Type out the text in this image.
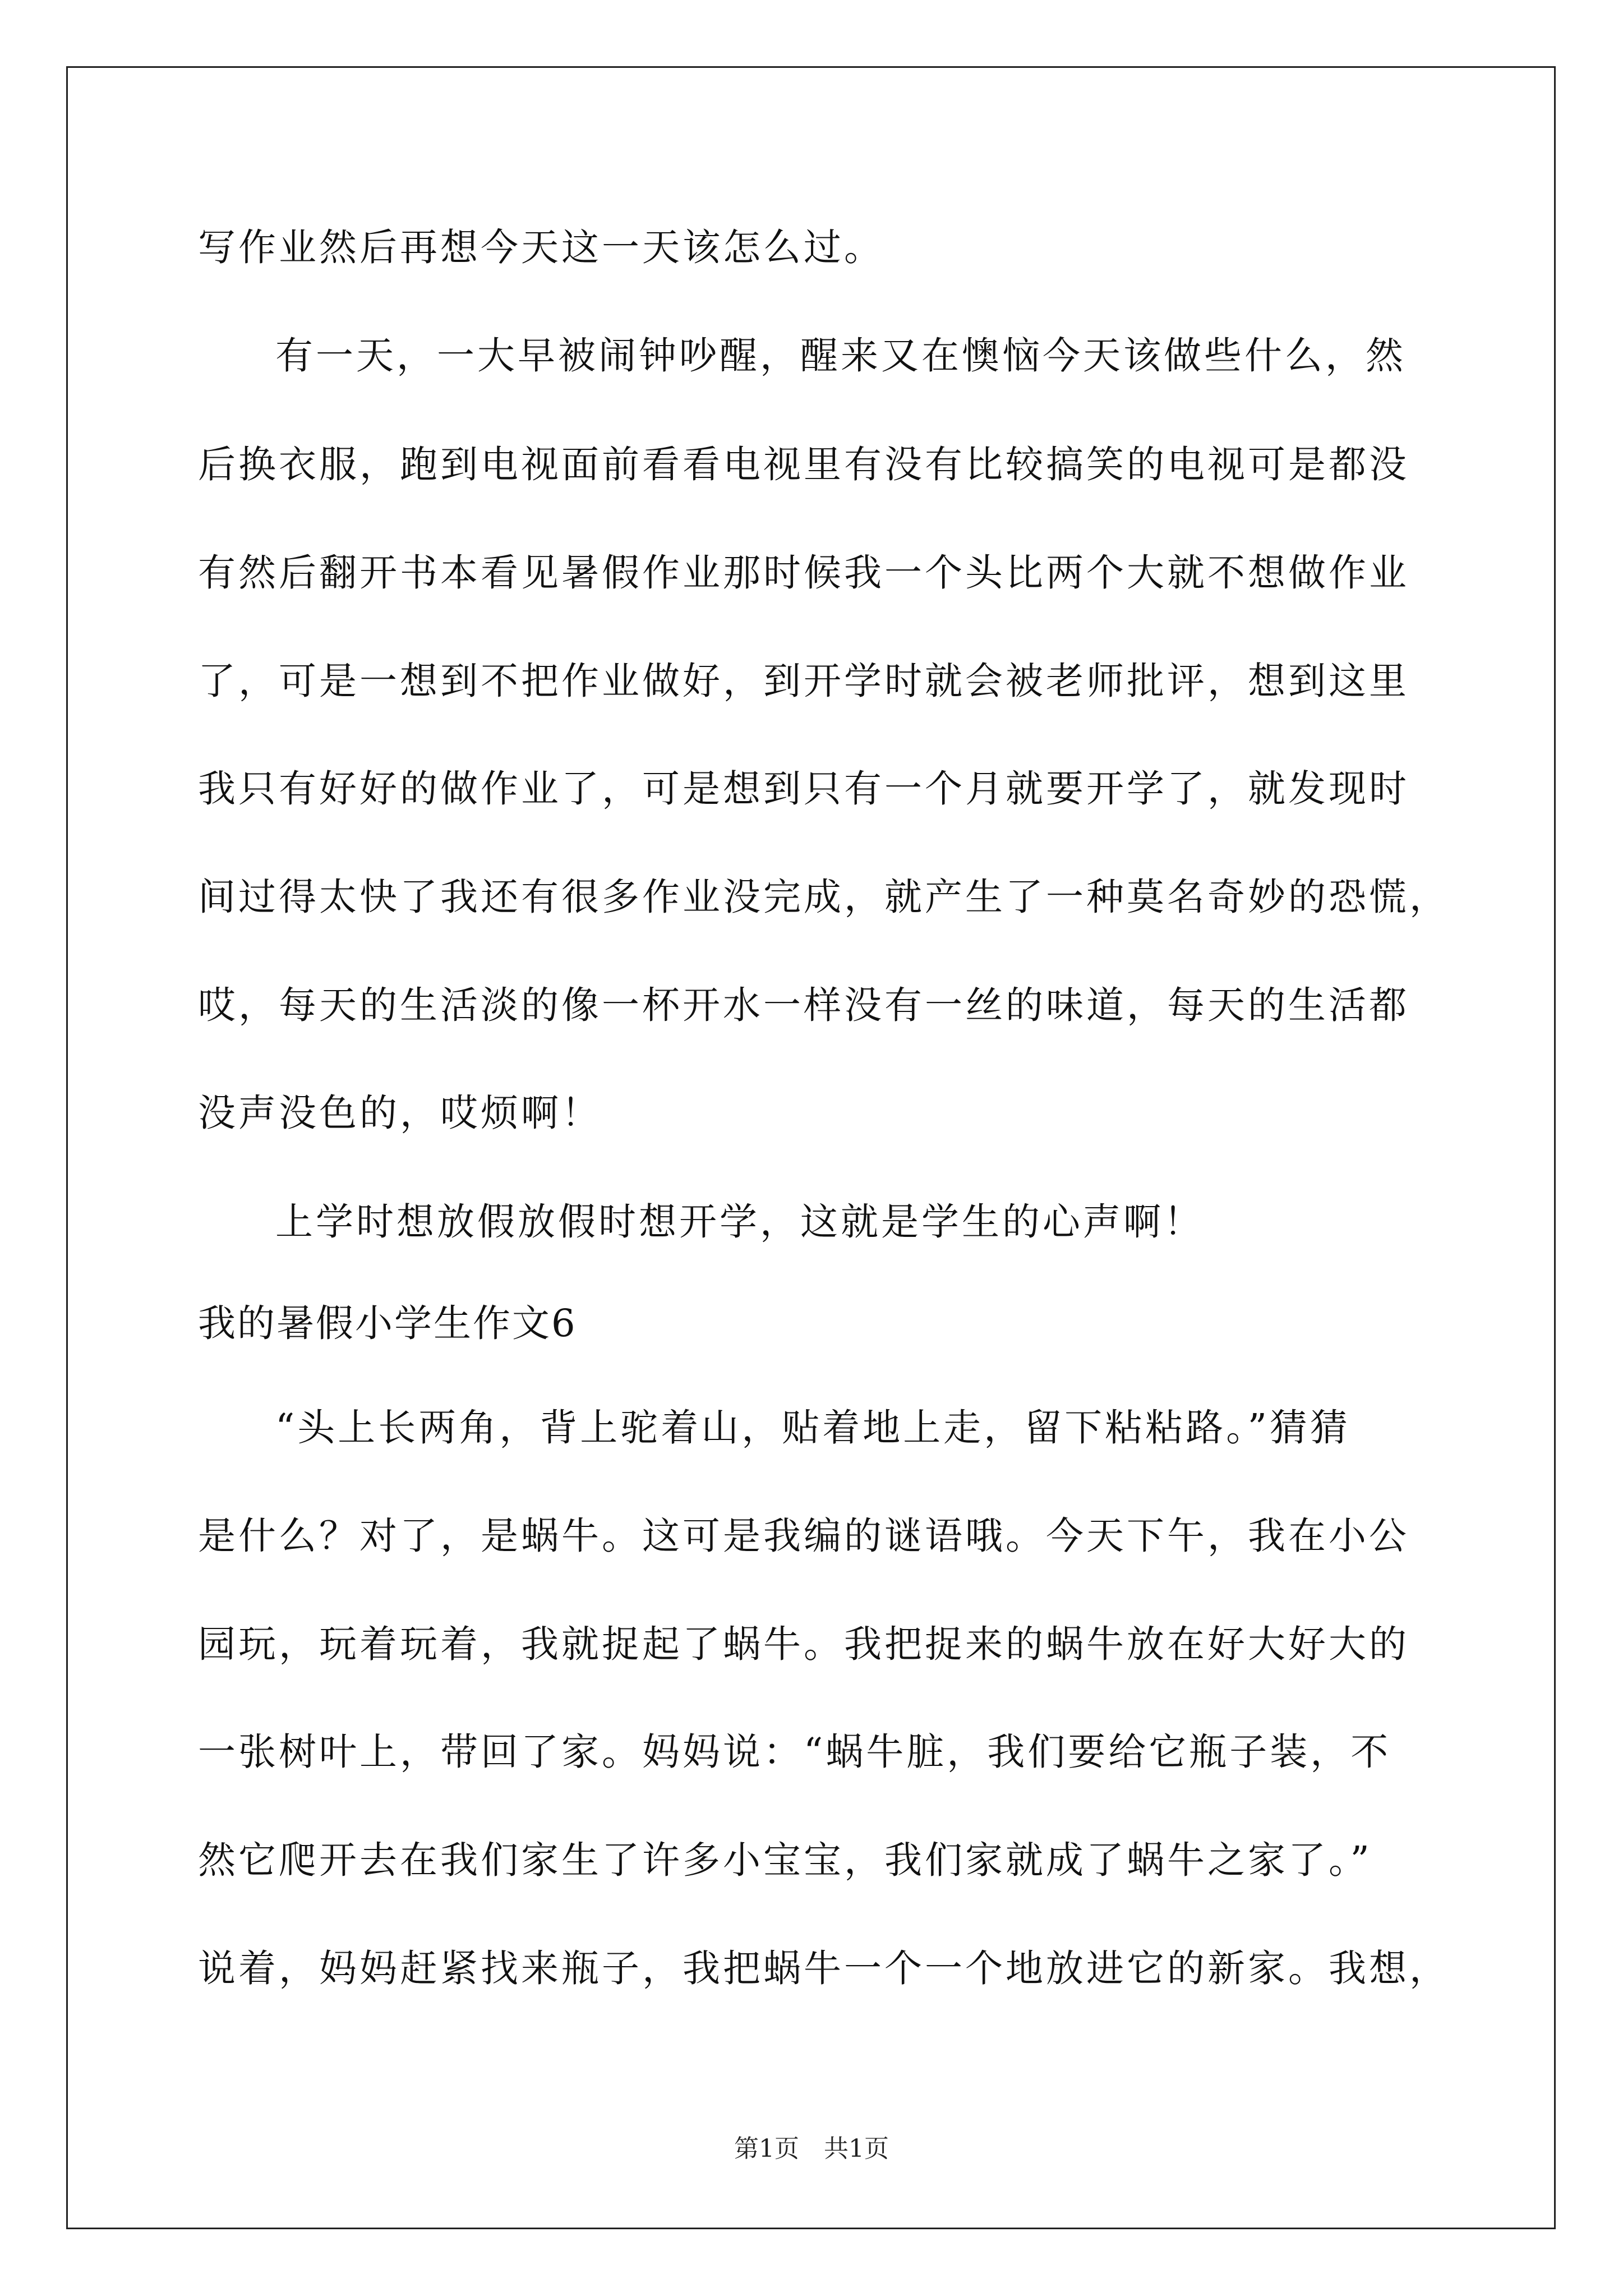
写作业然后再想今天这一天该怎么过。
有一天，一大早被闹钟吵醒，醒来又在懊恼今天该做些什么，然
后换衣服，跑到电视面前看看电视里有没有比较搞笑的电视可是都没
有然后翻开书本看见暑假作业那时候我一个头比两个大就不想做作业
了，可是一想到不把作业做好，到开学时就会被老师批评，想到这里
我只有好好的做作业了，可是想到只有一个月就要开学了，就发现时
间过得太快了我还有很多作业没完成，就产生了一种莫名奇妙的恐慌，
哎，每天的生活淡的像一杯开水一样没有一丝的味道，每天的生活都
没声没色的，哎烦啊！
上学时想放假放假时想开学，这就是学生的心声啊！
我的暑假小学生作文6
“头上长两角，背上驼着山，贴着地上走，留下粘粘路。”猜猜
是什么？对了，是蜗牛。这可是我编的谜语哦。今天下午，我在小公
园玩，玩着玩着，我就捉起了蜗牛。我把捉来的蜗牛放在好大好大的
一张树叶上，带回了家。妈妈说：“蜗牛脏，我们要给它瓶子装，不
然它爬开去在我们家生了许多小宝宝，我们家就成了蜗牛之家了。”
说着，妈妈赶紧找来瓶子，我把蜗牛一个一个地放进它的新家。我想，
第1页　共1页
